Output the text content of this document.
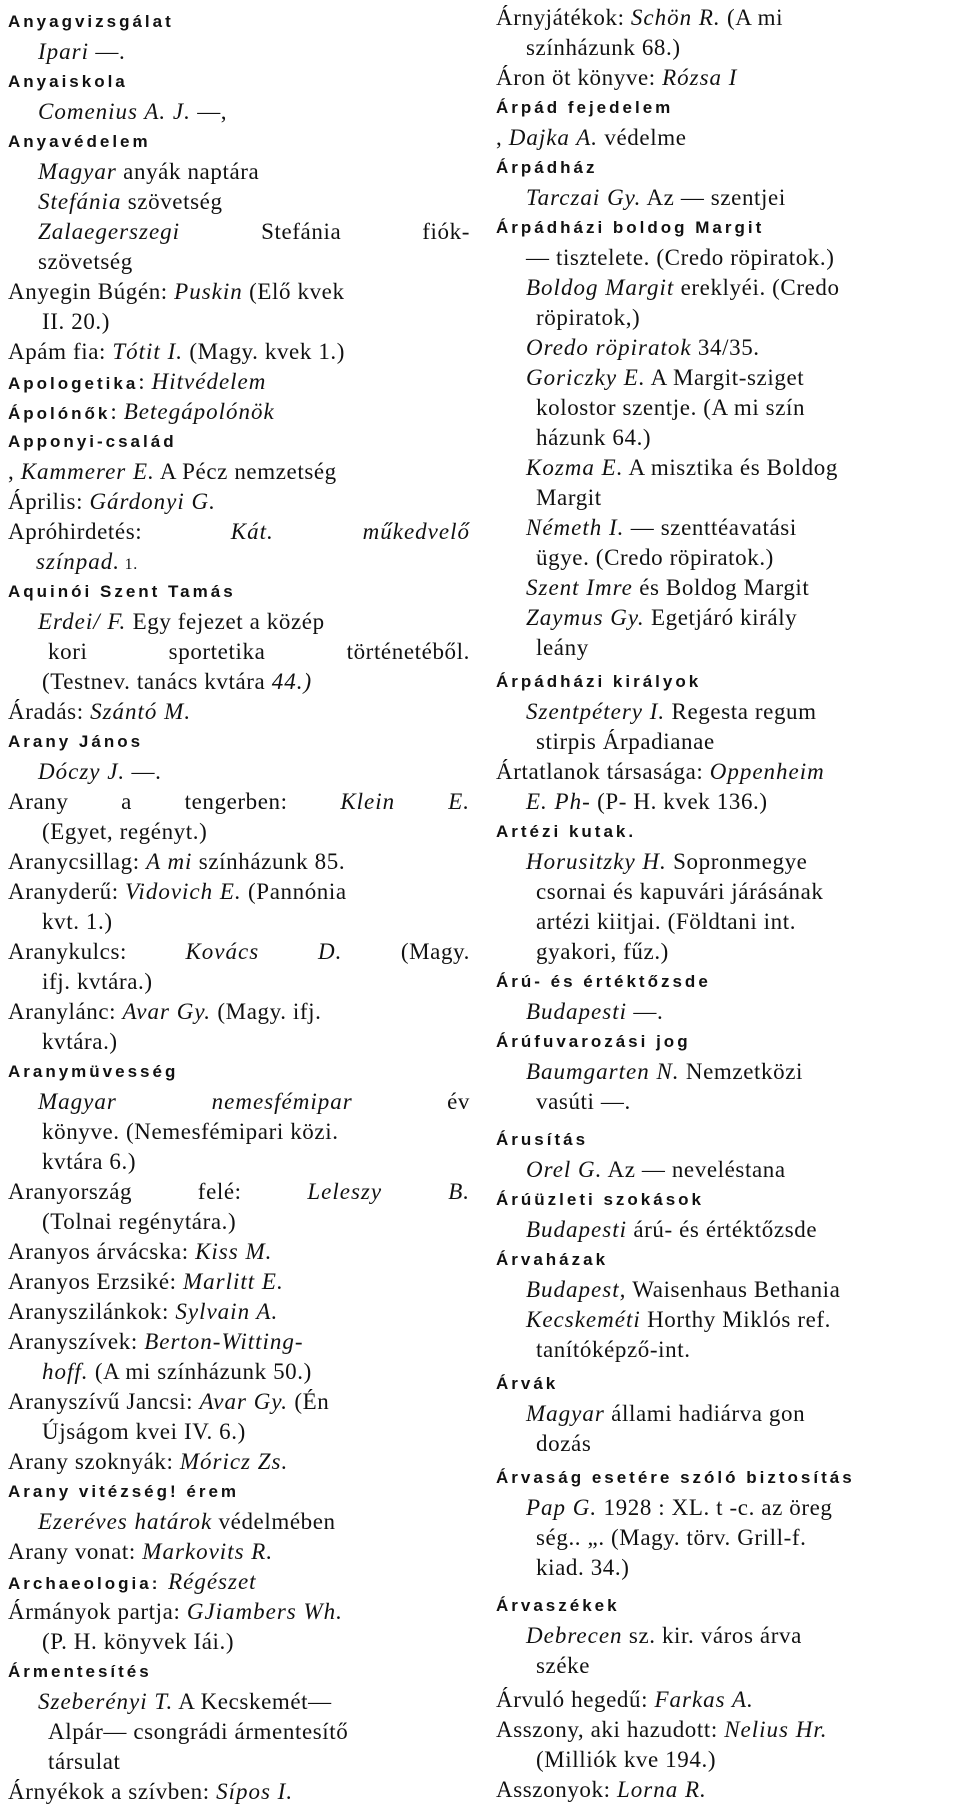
Anyagvizsgálat
Ipari —.
Anyaiskola
Comenius A. J. —,
Anyavédelem
Magyar anyák naptára
Stefánia szövetség
Zalaegerszegi Stefánia fiók-
szövetség
Anyegin Búgén: Puskin (Elő kvek
II. 20.)
Apám fia: Tótit I. (Magy. kvek 1.)
Apologetika: Hitvédelem
Ápolónők: Betegápolónök
Apponyi-család
, Kammerer E. A Pécz nemzetség
Április: Gárdonyi G.
Apróhirdetés: Kát. műkedvelő
színpad. 1.
Aquinói Szent Tamás
Erdei/ F. Egy fejezet a közép
kori sportetika történetéből.
(Testnev. tanács kvtára 44.)
Áradás: Szántó M.
Arany János
Dóczy J. —.
Arany a tengerben: Klein E.
(Egyet, regényt.)
Aranycsillag: A mi színházunk 85.
Aranyderű: Vidovich E. (Pannónia
kvt. 1.)
Aranykulcs: Kovács D. (Magy.
ifj. kvtára.)
Aranylánc: Avar Gy. (Magy. ifj.
kvtára.)
Aranymüvesség
Magyar nemesfémipar év
könyve. (Nemesfémipari közi.
kvtára 6.)
Aranyország felé: Leleszy B.
(Tolnai regénytára.)
Aranyos árvácska: Kiss M.
Aranyos Erzsiké: Marlitt E.
Aranyszilánkok: Sylvain A.
Aranyszívek: Berton-Witting-
hoff. (A mi színházunk 50.)
Aranyszívű Jancsi: Avar Gy. (Én
Újságom kvei IV. 6.)
Arany szoknyák: Móricz Zs.
Arany vitézség! érem
Ezeréves határok védelmében
Arany vonat: Markovits R.
Archaeologia: Régészet
Ármányok partja: GJiambers Wh.
(P. H. könyvek Iái.)
Ármentesítés
Szeberényi T. A Kecskemét—
Alpár— csongrádi ármentesítő
társulat
Árnyékok a szívben: Sípos I.
Árnyjátékok: Schön R. (A mi
színházunk 68.)
Áron öt könyve: Rózsa I
Árpád fejedelem
, Dajka A. védelme
Árpádház
Tarczai Gy. Az — szentjei
Árpádházi boldog Margit
— tisztelete. (Credo röpiratok.)
Boldog Margit ereklyéi. (Credo
röpiratok,)
Oredo röpiratok 34/35.
Goriczky E. A Margit-sziget
kolostor szentje. (A mi szín
házunk 64.)
Kozma E. A misztika és Boldog
Margit
Németh I. — szenttéavatási
ügye. (Credo röpiratok.)
Szent Imre és Boldog Margit
Zaymus Gy. Egetjáró király
leány
Árpádházi királyok
Szentpétery I. Regesta regum
stirpis Árpadianae
Ártatlanok társasága: Oppenheim
E. Ph- (P- H. kvek 136.)
Artézi kutak.
Horusitzky H. Sopronmegye
csornai és kapuvári járásának
artézi kiitjai. (Földtani int.
gyakori, fűz.)
Árú- és értéktőzsde
Budapesti —.
Árúfuvarozási jog
Baumgarten N. Nemzetközi
vasúti —.
Árusítás
Orel G. Az — neveléstana
Árúüzleti szokások
Budapesti árú- és értéktőzsde
Árvaházak
Budapest, Waisenhaus Bethania
Kecskeméti Horthy Miklós ref.
tanítóképző-int.
Árvák
Magyar állami hadiárva gon
dozás
Árvaság esetére szóló biztosítás
Pap G. 1928 : XL. t -c. az öreg
ség.. „. (Magy. törv. Grill-f.
kiad. 34.)
Árvaszékek
Debrecen sz. kir. város árva
széke
Árvuló hegedű: Farkas A.
Asszony, aki hazudott: Nelius Hr.
(Milliók kve 194.)
Asszonyok: Lorna R.
